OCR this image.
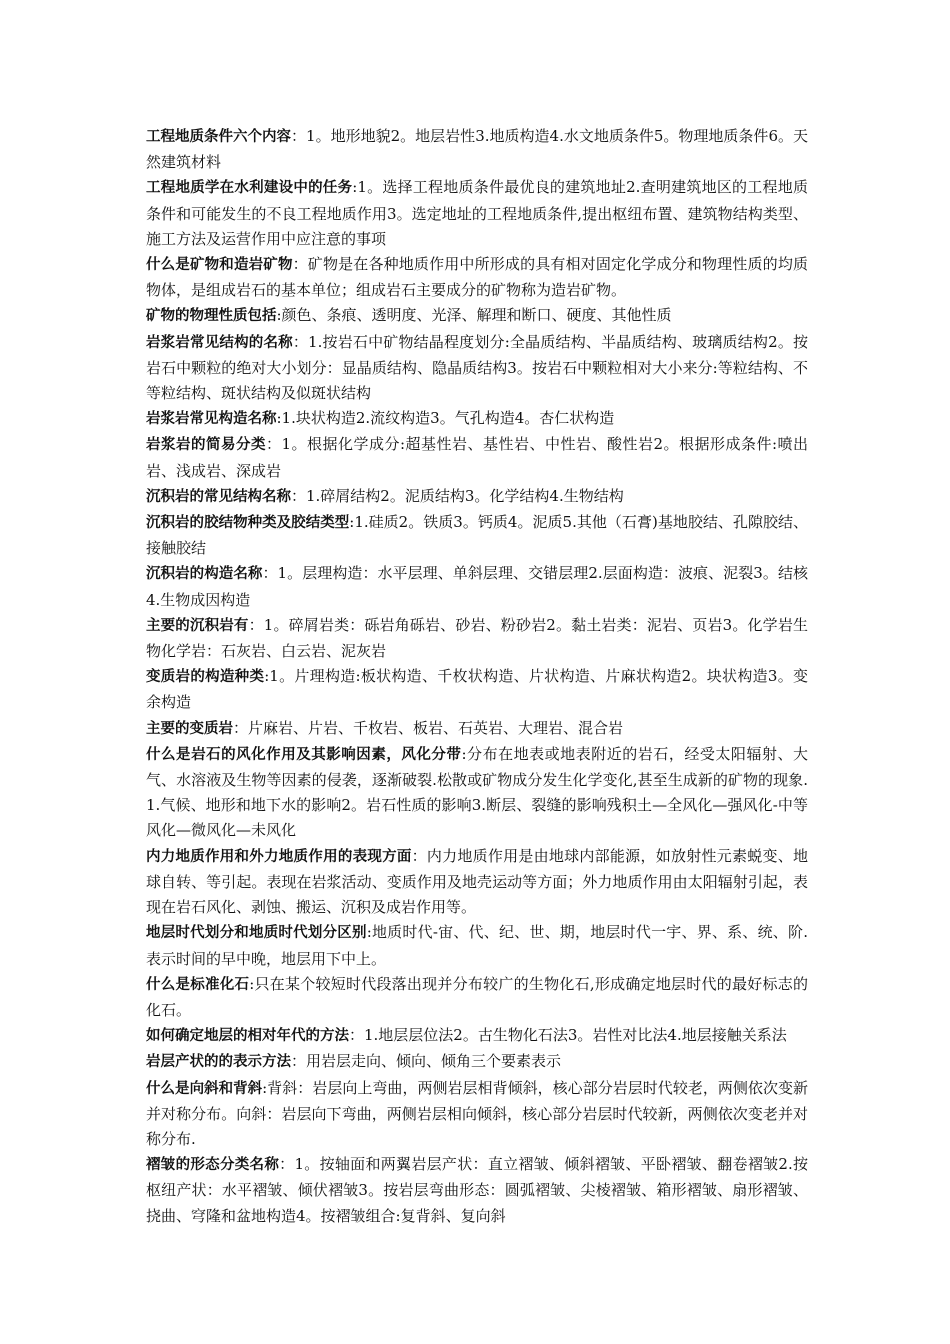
工程地质条件六个内容：1。地形地貌2。地层岩性3.地质构造4.水文地质条件5。物理地质条件6。天然建筑材料

工程地质学在水利建设中的任务:1。选择工程地质条件最优良的建筑地址2.查明建筑地区的工程地质条件和可能发生的不良工程地质作用3。选定地址的工程地质条件,提出枢纽布置、建筑物结构类型、施工方法及运营作用中应注意的事项

什么是矿物和造岩矿物：矿物是在各种地质作用中所形成的具有相对固定化学成分和物理性质的均质物体，是组成岩石的基本单位；组成岩石主要成分的矿物称为造岩矿物。

矿物的物理性质包括:颜色、条痕、透明度、光泽、解理和断口、硬度、其他性质

岩浆岩常见结构的名称：1.按岩石中矿物结晶程度划分:全晶质结构、半晶质结构、玻璃质结构2。按岩石中颗粒的绝对大小划分：显晶质结构、隐晶质结构3。按岩石中颗粒相对大小来分:等粒结构、不等粒结构、斑状结构及似斑状结构

岩浆岩常见构造名称:1.块状构造2.流纹构造3。气孔构造4。杏仁状构造

岩浆岩的简易分类：1。根据化学成分:超基性岩、基性岩、中性岩、酸性岩2。根据形成条件:喷出岩、浅成岩、深成岩

沉积岩的常见结构名称：1.碎屑结构2。泥质结构3。化学结构4.生物结构

沉积岩的胶结物种类及胶结类型:1.硅质2。铁质3。钙质4。泥质5.其他（石膏)基地胶结、孔隙胶结、接触胶结

沉积岩的构造名称：1。层理构造：水平层理、单斜层理、交错层理2.层面构造：波痕、泥裂3。结核4.生物成因构造

主要的沉积岩有：1。碎屑岩类：砾岩角砾岩、砂岩、粉砂岩2。黏土岩类：泥岩、页岩3。化学岩生物化学岩：石灰岩、白云岩、泥灰岩

变质岩的构造种类:1。片理构造:板状构造、千枚状构造、片状构造、片麻状构造2。块状构造3。变余构造

主要的变质岩：片麻岩、片岩、千枚岩、板岩、石英岩、大理岩、混合岩

什么是岩石的风化作用及其影响因素，风化分带:分布在地表或地表附近的岩石，经受太阳辐射、大气、水溶液及生物等因素的侵袭，逐渐破裂.松散或矿物成分发生化学变化,甚至生成新的矿物的现象.1.气候、地形和地下水的影响2。岩石性质的影响3.断层、裂缝的影响残积土—全风化—强风化-中等风化—微风化—未风化

内力地质作用和外力地质作用的表现方面：内力地质作用是由地球内部能源，如放射性元素蜕变、地球自转、等引起。表现在岩浆活动、变质作用及地壳运动等方面；外力地质作用由太阳辐射引起，表现在岩石风化、剥蚀、搬运、沉积及成岩作用等。

地层时代划分和地质时代划分区别:地质时代-宙、代、纪、世、期，地层时代一宇、界、系、统、阶.表示时间的早中晚，地层用下中上。

什么是标准化石:只在某个较短时代段落出现并分布较广的生物化石,形成确定地层时代的最好标志的化石。

如何确定地层的相对年代的方法：1.地层层位法2。古生物化石法3。岩性对比法4.地层接触关系法

岩层产状的的表示方法：用岩层走向、倾向、倾角三个要素表示

什么是向斜和背斜:背斜：岩层向上弯曲，两侧岩层相背倾斜，核心部分岩层时代较老，两侧依次变新并对称分布。向斜：岩层向下弯曲，两侧岩层相向倾斜，核心部分岩层时代较新，两侧依次变老并对称分布.

褶皱的形态分类名称：1。按轴面和两翼岩层产状：直立褶皱、倾斜褶皱、平卧褶皱、翻卷褶皱2.按枢纽产状：水平褶皱、倾伏褶皱3。按岩层弯曲形态：圆弧褶皱、尖棱褶皱、箱形褶皱、扇形褶皱、挠曲、穹隆和盆地构造4。按褶皱组合:复背斜、复向斜
